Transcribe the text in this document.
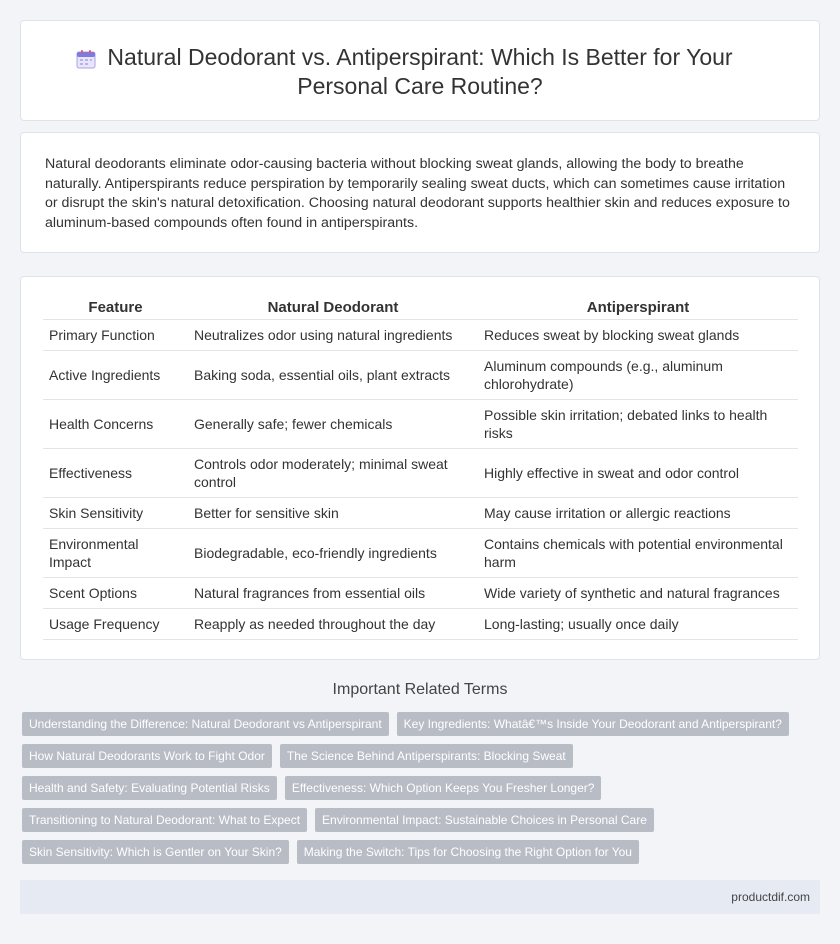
Natural Deodorant vs. Antiperspirant: Which Is Better for Your Personal Care Routine?

Natural deodorants eliminate odor-causing bacteria without blocking sweat glands, allowing the body to breathe naturally. Antiperspirants reduce perspiration by temporarily sealing sweat ducts, which can sometimes cause irritation or disrupt the skin's natural detoxification. Choosing natural deodorant supports healthier skin and reduces exposure to aluminum-based compounds often found in antiperspirants.

Feature	Natural Deodorant	Antiperspirant
Primary Function	Neutralizes odor using natural ingredients	Reduces sweat by blocking sweat glands
Active Ingredients	Baking soda, essential oils, plant extracts	Aluminum compounds (e.g., aluminum chlorohydrate)
Health Concerns	Generally safe; fewer chemicals	Possible skin irritation; debated links to health risks
Effectiveness	Controls odor moderately; minimal sweat control	Highly effective in sweat and odor control
Skin Sensitivity	Better for sensitive skin	May cause irritation or allergic reactions
Environmental Impact	Biodegradable, eco-friendly ingredients	Contains chemicals with potential environmental harm
Scent Options	Natural fragrances from essential oils	Wide variety of synthetic and natural fragrances
Usage Frequency	Reapply as needed throughout the day	Long-lasting; usually once daily
Important Related Terms
Understanding the Difference: Natural Deodorant vs Antiperspirant	Key Ingredients: Whatâ€™s Inside Your Deodorant and Antiperspirant?
How Natural Deodorants Work to Fight Odor	The Science Behind Antiperspirants: Blocking Sweat
Health and Safety: Evaluating Potential Risks	Effectiveness: Which Option Keeps You Fresher Longer?
Transitioning to Natural Deodorant: What to Expect	Environmental Impact: Sustainable Choices in Personal Care
Skin Sensitivity: Which is Gentler on Your Skin?	Making the Switch: Tips for Choosing the Right Option for You
productdif.com
